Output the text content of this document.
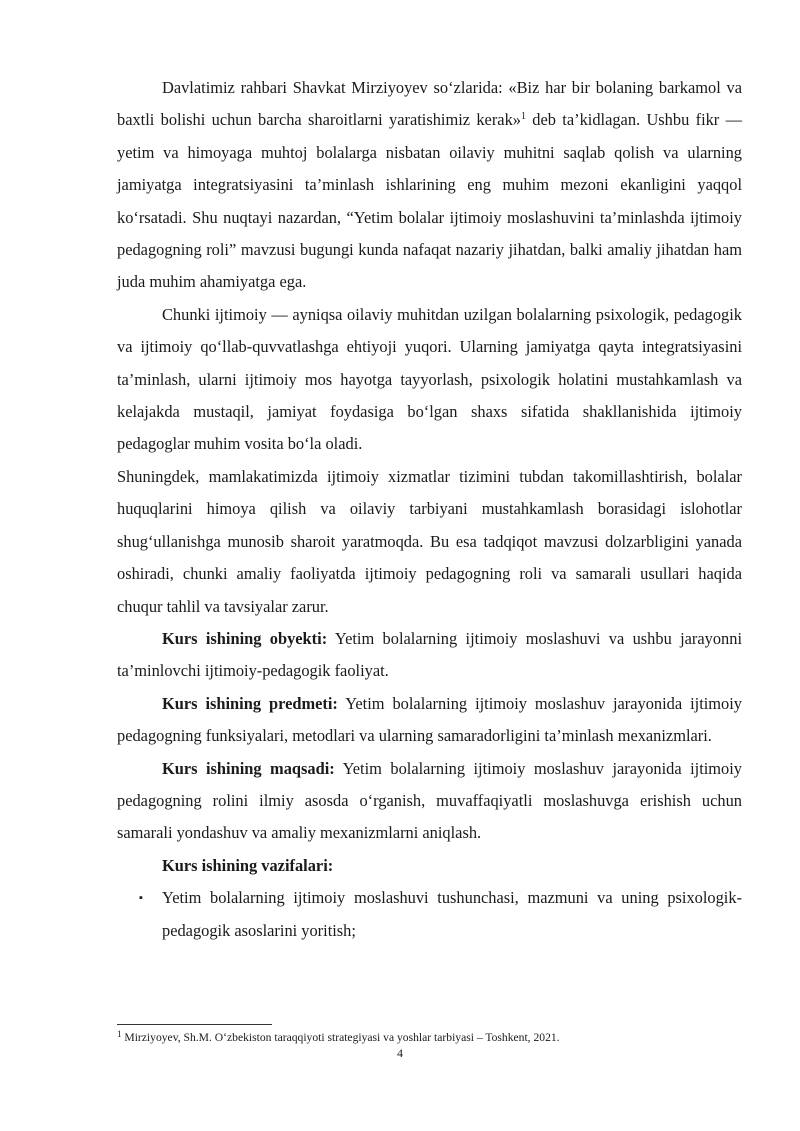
Davlatimiz rahbari Shavkat Mirziyoyev so‘zlarida: «Biz har bir bolaning barkamol va baxtli bolishi uchun barcha sharoitlarni yaratishimiz kerak»$^1$ deb ta’kidlagan. Ushbu fikr — yetim va himoyaga muhtoj bolalarga nisbatan oilaviy muhitni saqlab qolish va ularning jamiyatga integratsiyasini ta’minlash ishlarining eng muhim mezoni ekanligini yaqqol ko‘rsatadi. Shu nuqtayi nazardan, “Yetim bolalar ijtimoiy moslashuvini ta’minlashda ijtimoiy pedagogning roli” mavzusi bugungi kunda nafaqat nazariy jihatdan, balki amaliy jihatdan ham juda muhim ahamiyatga ega.

Chunki ijtimoiy — ayniqsa oilaviy muhitdan uzilgan bolalarning psixologik, pedagogik va ijtimoiy qo‘llab-quvvatlashga ehtiyoji yuqori. Ularning jamiyatga qayta integratsiyasini ta’minlash, ularni ijtimoiy mos hayotga tayyorlash, psixologik holatini mustahkamlash va kelajakda mustaqil, jamiyat foydasiga bo‘lgan shaxs sifatida shakllanishida ijtimoiy pedagoglar muhim vosita bo‘la oladi.

Shuningdek, mamlakatimizda ijtimoiy xizmatlar tizimini tubdan takomillashtirish, bolalar huquqlarini himoya qilish va oilaviy tarbiyani mustahkamlash borasidagi islohotlar shug‘ullanishga munosib sharoit yaratmoqda. Bu esa tadqiqot mavzusi dolzarbligini yanada oshiradi, chunki amaliy faoliyatda ijtimoiy pedagogning roli va samarali usullari haqida chuqur tahlil va tavsiyalar zarur.

Kurs ishining obyekti: Yetim bolalarning ijtimoiy moslashuvi va ushbu jarayonni ta’minlovchi ijtimoiy-pedagogik faoliyat.

Kurs ishining predmeti: Yetim bolalarning ijtimoiy moslashuv jarayonida ijtimoiy pedagogning funksiyalari, metodlari va ularning samaradorligini ta’minlash mexanizmlari.

Kurs ishining maqsadi: Yetim bolalarning ijtimoiy moslashuv jarayonida ijtimoiy pedagogning rolini ilmiy asosda o‘rganish, muvaffaqiyatli moslashuvga erishish uchun samarali yondashuv va amaliy mexanizmlarni aniqlash.

Kurs ishining vazifalari:

▪ Yetim bolalarning ijtimoiy moslashuvi tushunchasi, mazmuni va uning psixologik-pedagogik asoslarini yoritish;
$^1$ Mirziyoyev, Sh.M. O‘zbekiston taraqqiyoti strategiyasi va yoshlar tarbiyasi – Toshkent, 2021.
4
